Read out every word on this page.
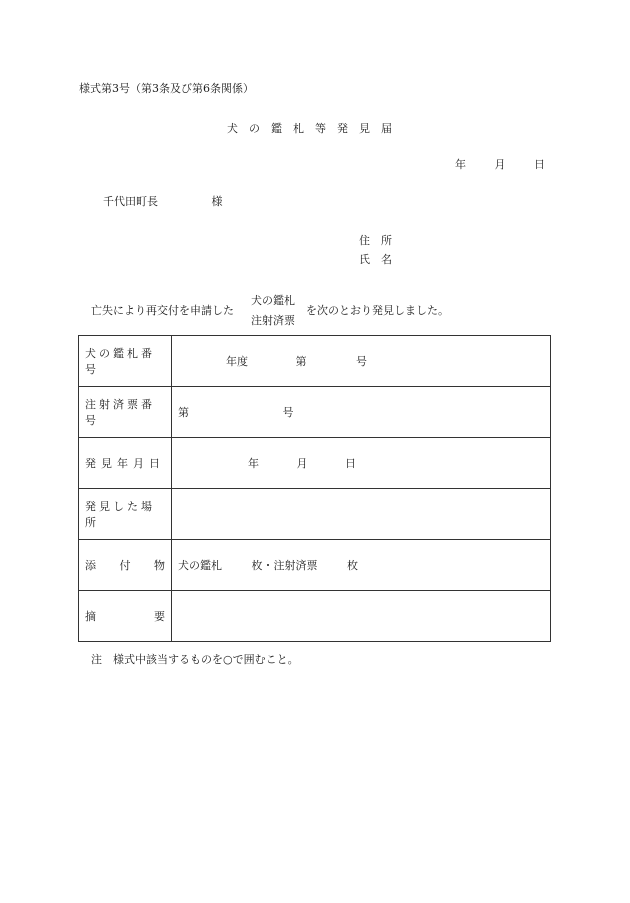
様式第3号（第3条及び第6条関係）
犬の鑑札等発見届
年	月	日
千代田町長	様
住 所
氏 名
亡失により再交付を申請した
犬の鑑札
注射済票
を次のとおり発見しました。
犬の鑑札番号	年度 第 号
注射済票番号	第 号
発見年月日	年 月 日
発見した場所	

添 付 物	犬の鑑札 枚・注射済票 枚

摘 要	

注　様式中該当するものを○で囲むこと。
